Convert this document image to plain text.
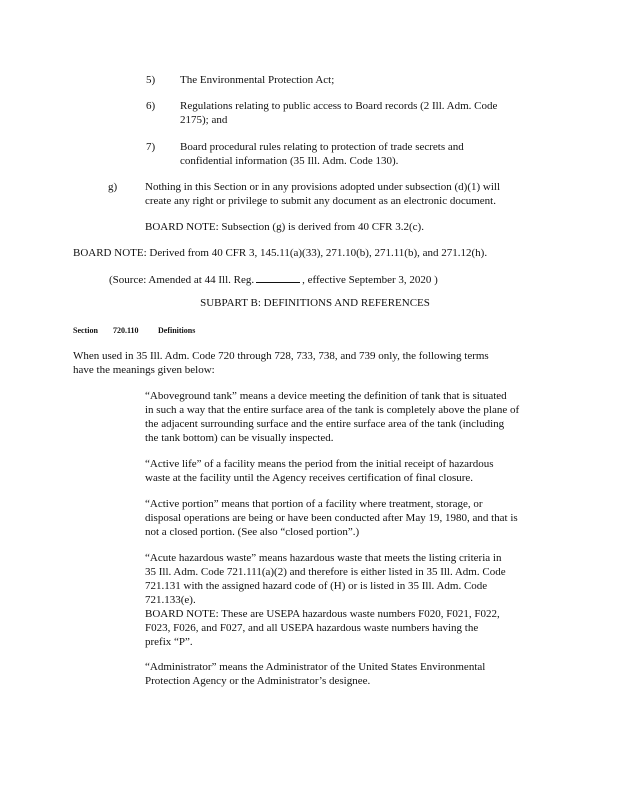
5)	The Environmental Protection Act;

6)	Regulations relating to public access to Board records (2 Ill. Adm. Code

2175); and

7)	Board procedural rules relating to protection of trade secrets and

confidential information (35 Ill. Adm. Code 130).

g)	Nothing in this Section or in any provisions adopted under subsection (d)(1) will

create any right or privilege to submit any document as an electronic document.

BOARD NOTE: Subsection (g) is derived from 40 CFR 3.2(c).

BOARD NOTE: Derived from 40 CFR 3, 145.11(a)(33), 271.10(b), 271.11(b), and 271.12(h).

(Source: Amended at 44 Ill. Reg.	, effective September 3, 2020 )

SUBPART B: DEFINITIONS AND REFERENCES

Section 720.110 Definitions

When used in 35 Ill. Adm. Code 720 through 728, 733, 738, and 739 only, the following terms

have the meanings given below:

“Aboveground tank” means a device meeting the definition of tank that is situated

in such a way that the entire surface area of the tank is completely above the plane of

the adjacent surrounding surface and the entire surface area of the tank (including

the tank bottom) can be visually inspected.

“Active life” of a facility means the period from the initial receipt of hazardous

waste at the facility until the Agency receives certification of final closure.

“Active portion” means that portion of a facility where treatment, storage, or

disposal operations are being or have been conducted after May 19, 1980, and that is

not a closed portion. (See also “closed portion”.)

“Acute hazardous waste” means hazardous waste that meets the listing criteria in

35 Ill. Adm. Code 721.111(a)(2) and therefore is either listed in 35 Ill. Adm. Code

721.131 with the assigned hazard code of (H) or is listed in 35 Ill. Adm. Code

721.133(e).

BOARD NOTE: These are USEPA hazardous waste numbers F020, F021, F022,

F023, F026, and F027, and all USEPA hazardous waste numbers having the

prefix “P”.

“Administrator” means the Administrator of the United States Environmental

Protection Agency or the Administrator’s designee.
